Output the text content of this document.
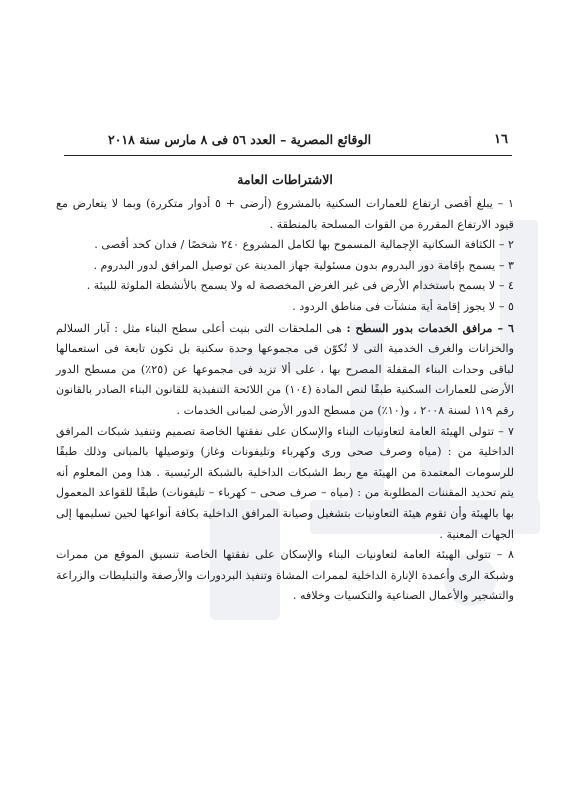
١٦
الوقائع المصرية – العدد ٥٦ فى ٨ مارس سنة ٢٠١٨

الاشتراطات العامة

١ – يبلغ أقصى ارتفاع للعمارات السكنية بالمشروع (أرضى + ٥ أدوار متكررة) وبما لا يتعارض مع قيود الارتفاع المقررة من القوات المسلحة بالمنطقة .

٢ – الكثافة السكانية الإجمالية المسموح بها لكامل المشروع ٢٤٠ شخصًا / فدان كحد أقصى .

٣ – يسمح بإقامة دور البدروم بدون مسئولية جهاز المدينة عن توصيل المرافق لدور البدروم .

٤ – لا يسمح باستخدام الأرض فى غير الغرض المخصصة له ولا يسمح بالأنشطة الملوثة للبيئة .

٥ – لا يجوز إقامة أية منشآت فى مناطق الردود .

٦ – مرافق الخدمات بدور السطح : هى الملحقات التى بنيت أعلى سطح البناء مثل : آبار السلالم والخزانات والغرف الخدمية التى لا تُكوّن فى مجموعها وحدة سكنية بل تكون تابعة فى استعمالها لباقى وحدات البناء المقفلة المصرح بها ، على ألا تزيد فى مجموعها عن (٢٥٪) من مسطح الدور الأرضى للعمارات السكنية طبقًا لنص المادة (١٠٤) من اللائحة التنفيذية للقانون البناء الصادر بالقانون رقم ١١٩ لسنة ٢٠٠٨ ، و(١٠٪) من مسطح الدور الأرضى لمبانى الخدمات .

٧ – تتولى الهيئة العامة لتعاونيات البناء والإسكان على نفقتها الخاصة تصميم وتنفيذ شبكات المرافق الداخلية من : (مياه وصرف صحى ورى وكهرباء وتليفونات وغاز) وتوصيلها بالمبانى وذلك طبقًا للرسومات المعتمدة من الهيئة مع ربط الشبكات الداخلية بالشبكة الرئيسية . هذا ومن المعلوم أنه يتم تحديد المقننات المطلوبة من : (مياه – صرف صحى – كهرباء – تليفونات) طبقًا للقواعد المعمول بها بالهيئة وأن تقوم هيئة التعاونيات بتشغيل وصيانة المرافق الداخلية بكافة أنواعها لحين تسليمها إلى الجهات المعنية .

٨ – تتولى الهيئة العامة لتعاونيات البناء والإسكان على نفقتها الخاصة تنسيق الموقع من ممرات وشبكة الرى وأعمدة الإنارة الداخلية لممرات المشاة وتنفيذ البردورات والأرصفة والتبليطات والزراعة والتشجير والأعمال الصناعية والتكسيات وخلافه .
